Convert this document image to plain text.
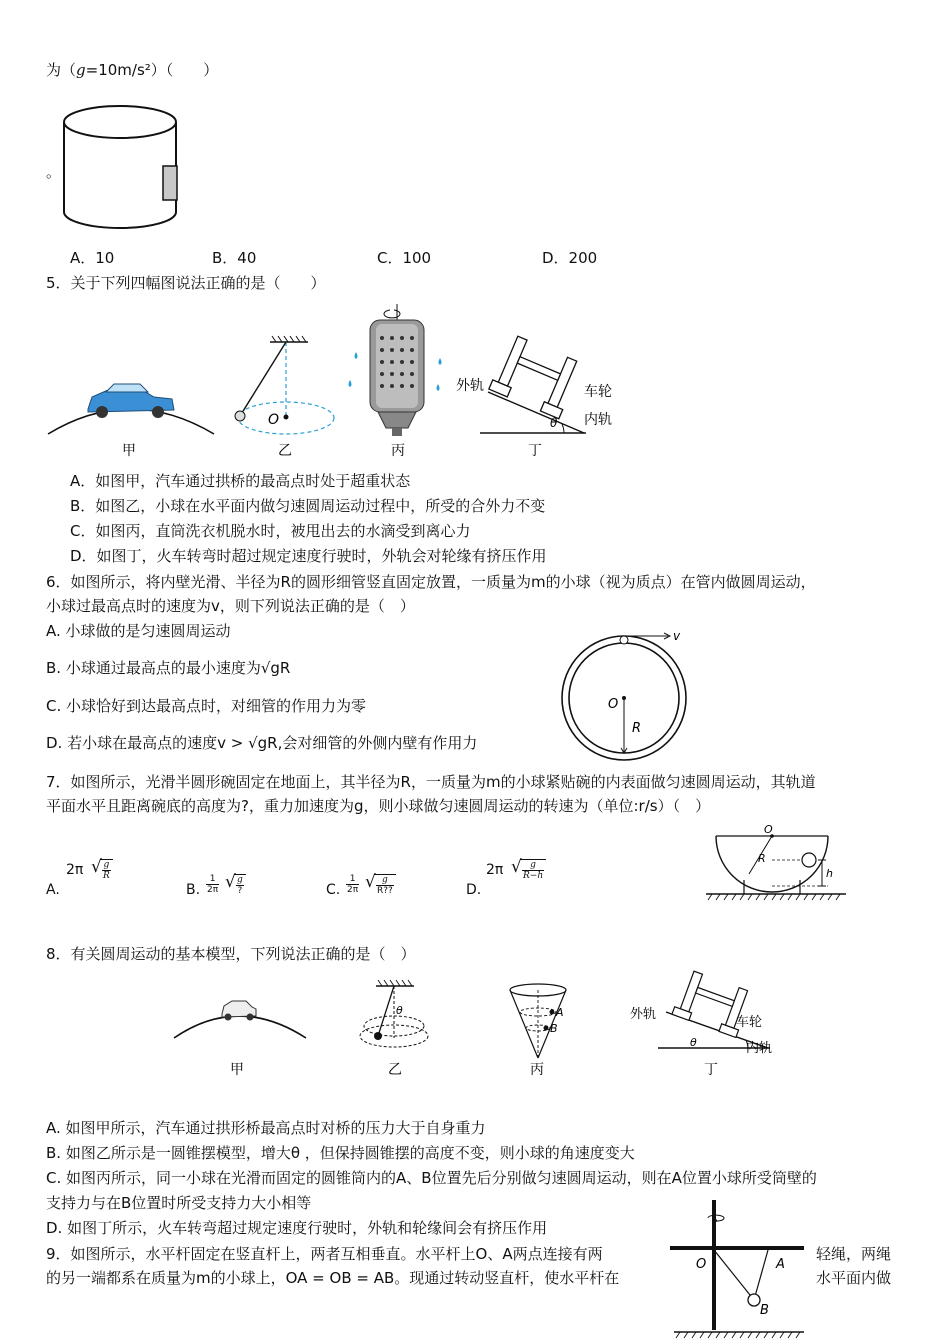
为（g=10m/s²）（　　）
。
A．10	B．40	C．100	D．200
5．关于下列四幅图说法正确的是（　　）
甲
O
乙	丙
θ
外轨	车轮
内轨
丁
A．如图甲，汽车通过拱桥的最高点时处于超重状态
B．如图乙，小球在水平面内做匀速圆周运动过程中，所受的合外力不变
C．如图丙，直筒洗衣机脱水时，被甩出去的水滴受到离心力
D．如图丁，火车转弯时超过规定速度行驶时，外轨会对轮缘有挤压作用
6．如图所示，将内壁光滑、半径为R的圆形细管竖直固定放置，一质量为m的小球（视为质点）在管内做圆周运动，
小球过最高点时的速度为v，则下列说法正确的是（　）
A. 小球做的是匀速圆周运动
B. 小球通过最高点的最小速度为√gR
C. 小球恰好到达最高点时，对细管的作用力为零
D. 若小球在最高点的速度v > √gR,会对细管的外侧内壁有作用力
v
O
R
7．如图所示，光滑半圆形碗固定在地面上，其半径为R，一质量为m的小球紧贴碗的内表面做匀速圆周运动，其轨道
平面水平且距离碗底的高度为?，重力加速度为g，则小球做匀速圆周运动的转速为（单位:r/s）（　）
A.
2π √ $\frac{g}{R}$
B. $\frac{1}{2\pi}$ √ $\frac{g}{?}$	C. $\frac{1}{2\pi}$ √ $\frac{g}{R??}$	D.
2π √ $\frac{g}{R-h}$
O
R
h
8．有关圆周运动的基本模型，下列说法正确的是（　）
甲
θ
乙
A
B
丙
θ
外轨
车轮
内轨
丁
A. 如图甲所示，汽车通过拱形桥最高点时对桥的压力大于自身重力
B. 如图乙所示是一圆锥摆模型，增大θ ，但保持圆锥摆的高度不变，则小球的角速度变大
C. 如图丙所示，同一小球在光滑而固定的圆锥筒内的A、B位置先后分别做匀速圆周运动，则在A位置小球所受筒壁的
支持力与在B位置时所受支持力大小相等
D. 如图丁所示，火车转弯超过规定速度行驶时，外轨和轮缘间会有挤压作用
9．如图所示，水平杆固定在竖直杆上，两者互相垂直。水平杆上O、A两点连接有两	轻绳，两绳
的另一端都系在质量为m的小球上，OA = OB = AB。现通过转动竖直杆，使水平杆在	水平面内做
O	A
B
